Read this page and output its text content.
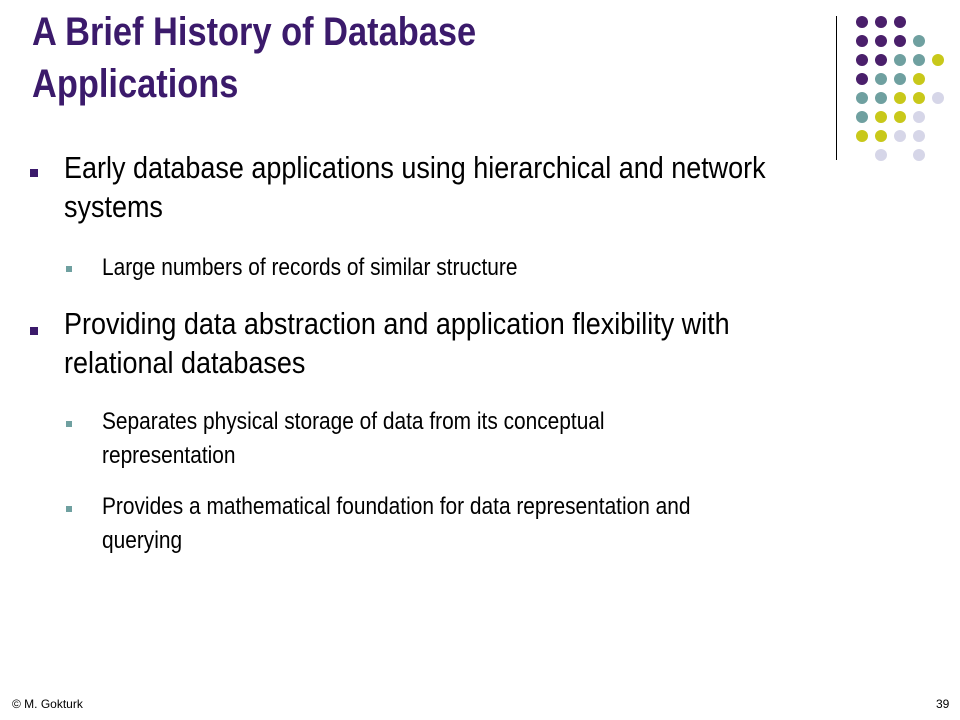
A Brief History of Database
Applications
Early database applications using hierarchical and network
systems
Large numbers of records of similar structure
Providing data abstraction and application flexibility with
relational databases
Separates physical storage of data from its conceptual
representation
Provides a mathematical foundation for data representation and
querying
© M. Gokturk	39
